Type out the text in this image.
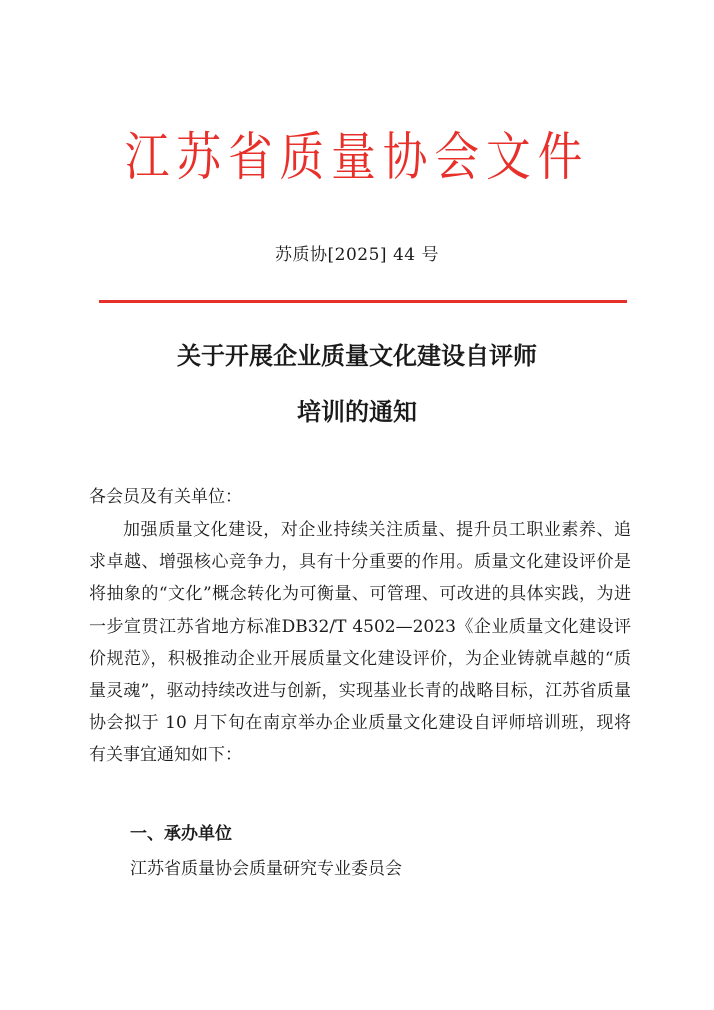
江苏省质量协会文件
苏质协[2025] 44 号
关于开展企业质量文化建设自评师
培训的通知
各会员及有关单位：
加强质量文化建设，对企业持续关注质量、提升员工职业素养、追求卓越、增强核心竞争力，具有十分重要的作用。质量文化建设评价是将抽象的“文化”概念转化为可衡量、可管理、可改进的具体实践，为进一步宣贯江苏省地方标准DB32/T 4502—2023《企业质量文化建设评价规范》，积极推动企业开展质量文化建设评价，为企业铸就卓越的“质量灵魂”，驱动持续改进与创新，实现基业长青的战略目标，江苏省质量协会拟于 10 月下旬在南京举办企业质量文化建设自评师培训班，现将有关事宜通知如下：
一、承办单位
江苏省质量协会质量研究专业委员会
